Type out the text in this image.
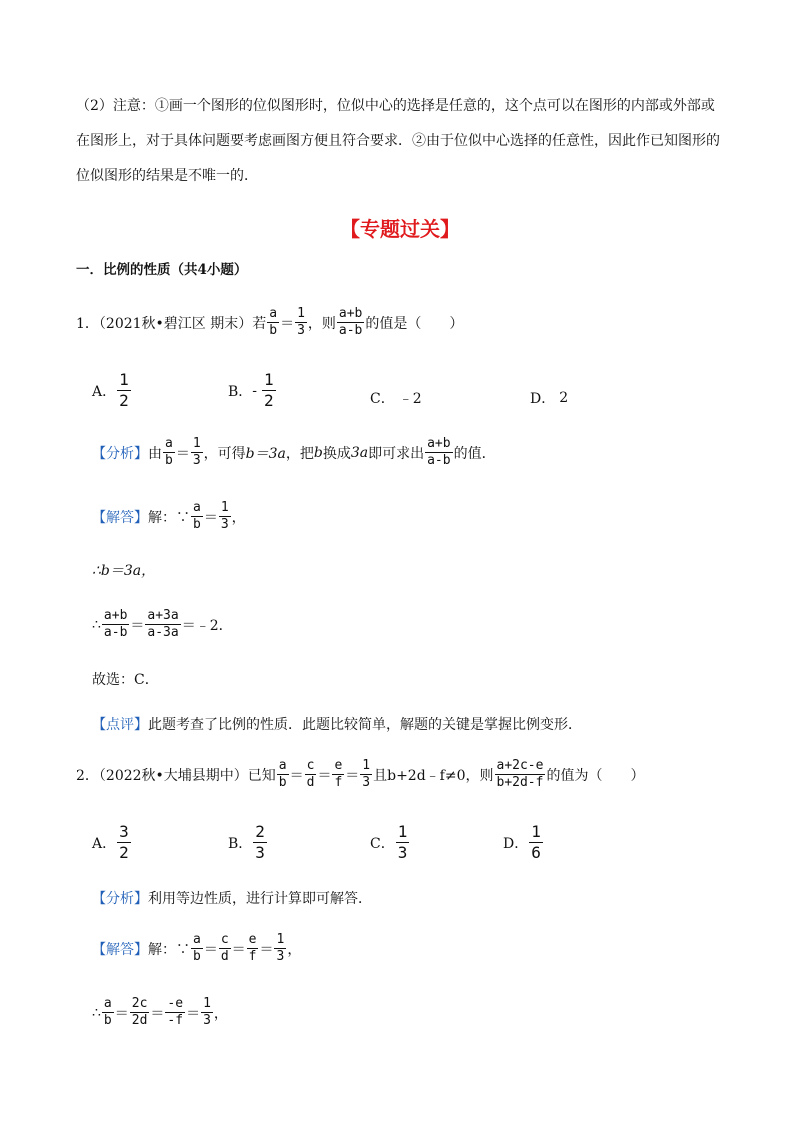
（2）注意：①画一个图形的位似图形时，位似中心的选择是任意的，这个点可以在图形的内部或外部或
在图形上，对于具体问题要考虑画图方便且符合要求．②由于位似中心选择的任意性，因此作已知图形的
位似图形的结果是不唯一的．
【专题过关】
一．比例的性质（共4小题）
1．（2021秋•碧江区 期末）若
a
b ＝
1
3 ，则
a+b
a-b 的值是（　　）
A．
1
2	B． -
1
2	C． ﹣2	D． 2
【分析】 由
a
b ＝
1
3 ，可得 b＝3a ，把 b 换成 3a 即可求出
a+b
a-b 的值．
【解答】 解：∵
a
b ＝
1
3 ，
∴b＝3a，
∴
a+b
a-b ＝
a+3a
a-3a ＝﹣2．
故选：C．
【点评】 此题考查了比例的性质．此题比较简单，解题的关键是掌握比例变形．
2．（2022秋•大埔县期中）已知
a
b ＝
c
d ＝
e
f ＝
1
3 且b+2d﹣f≠0，则
a+2c-e
b+2d-f 的值为（　　）
A．
3
2	B．
2
3	C．
1
3	D．
1
6
【分析】 利用等边性质，进行计算即可解答．
【解答】 解：∵
a
b ＝
c
d ＝
e
f ＝
1
3 ，
∴
a
b ＝
2c
2d ＝
-e
-f ＝
1
3 ，
